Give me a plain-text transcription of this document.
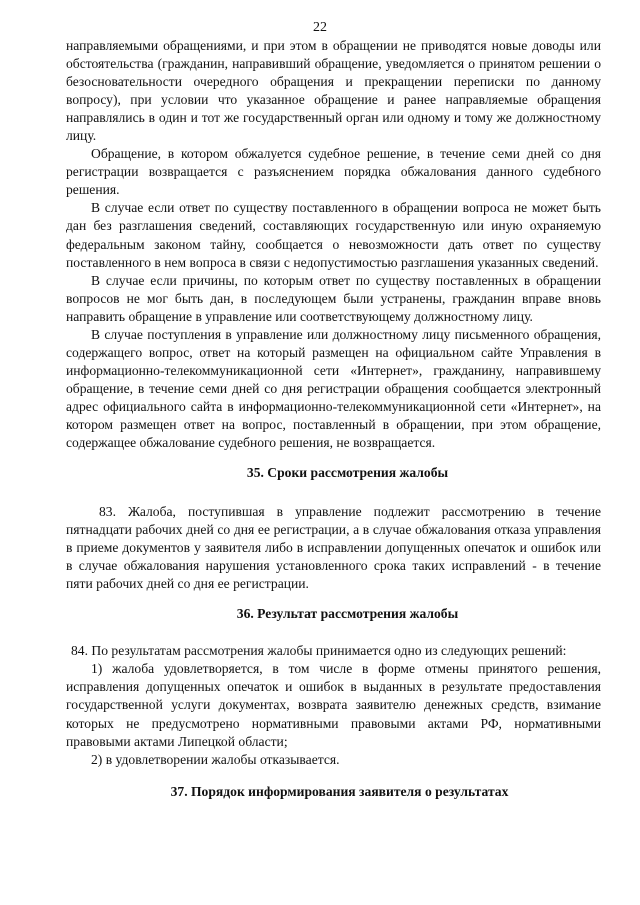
22

направляемыми обращениями, и при этом в обращении не приводятся новые доводы или обстоятельства (гражданин, направивший обращение, уведомляется о принятом решении о безосновательности очередного обращения и прекращении переписки по данному вопросу), при условии что указанное обращение и ранее направляемые обращения направлялись в один и тот же государственный орган или одному и тому же должностному лицу.

Обращение, в котором обжалуется судебное решение, в течение семи дней со дня регистрации возвращается с разъяснением порядка обжалования данного судебного решения.

В случае если ответ по существу поставленного в обращении вопроса не может быть дан без разглашения сведений, составляющих государственную или иную охраняемую федеральным законом тайну, сообщается о невозможности дать ответ по существу поставленного в нем вопроса в связи с недопустимостью разглашения указанных сведений.

В случае если причины, по которым ответ по существу поставленных в обращении вопросов не мог быть дан, в последующем были устранены, гражданин вправе вновь направить обращение в управление или соответствующему должностному лицу.

В случае поступления в управление или должностному лицу письменного обращения, содержащего вопрос, ответ на который размещен на официальном сайте Управления в информационно-телекоммуникационной сети «Интернет», гражданину, направившему обращение, в течение семи дней со дня регистрации обращения сообщается электронный адрес официального сайта в информационно-телекоммуникационной сети «Интернет», на котором размещен ответ на вопрос, поставленный в обращении, при этом обращение, содержащее обжалование судебного решения, не возвращается.

35. Сроки рассмотрения жалобы

83. Жалоба, поступившая в управление подлежит рассмотрению в течение пятнадцати рабочих дней со дня ее регистрации, а в случае обжалования отказа управления в приеме документов у заявителя либо в исправлении допущенных опечаток и ошибок или в случае обжалования нарушения установленного срока таких исправлений - в течение пяти рабочих дней со дня ее регистрации.

36. Результат рассмотрения жалобы

84. По результатам рассмотрения жалобы принимается одно из следующих решений:

1) жалоба удовлетворяется, в том числе в форме отмены принятого решения, исправления допущенных опечаток и ошибок в выданных в результате предоставления государственной услуги документах, возврата заявителю денежных средств, взимание которых не предусмотрено нормативными правовыми актами РФ, нормативными правовыми актами Липецкой области;

2) в удовлетворении жалобы отказывается.

37. Порядок информирования заявителя о результатах
